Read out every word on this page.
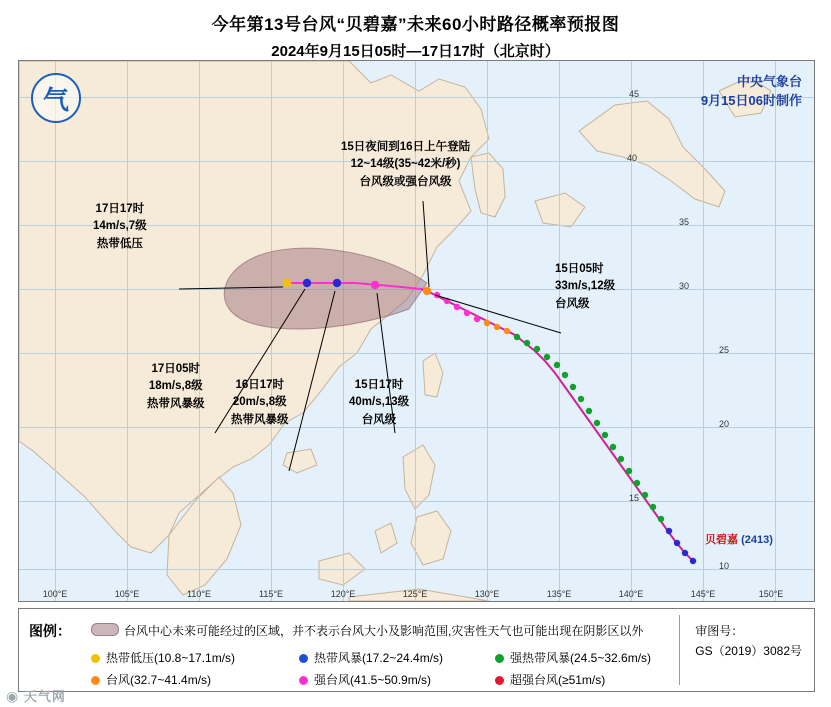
今年第13号台风“贝碧嘉”未来60小时路径概率预报图
2024年9月15日05时—17日17时（北京时）
100°E	105°E	110°E	115°E	120°E	125°E	130°E	135°E	140°E	145°E	150°E
45
40
35
30
25
20
15
10
气
中央气象台
9月15日06时制作
15日夜间到16日上午登陆
12~14级(35~42米/秒)
台风级或强台风级
15日05时
33m/s,12级
台风级
15日17时
40m/s,13级
台风级
16日17时
20m/s,8级
热带风暴级
17日05时
18m/s,8级
热带风暴级
17日17时
14m/s,7级
热带低压
贝碧嘉 (2413)
图例：	台风中心未来可能经过的区域，并不表示台风大小及影响范围,灾害性天气也可能出现在阴影区以外
热带低压(10.8~17.1m/s)	热带风暴(17.2~24.4m/s)	强热带风暴(24.5~32.6m/s)
台风(32.7~41.4m/s)	强台风(41.5~50.9m/s)	超强台风(≥51m/s)
审图号：
GS（2019）3082号
◉ 天气网
